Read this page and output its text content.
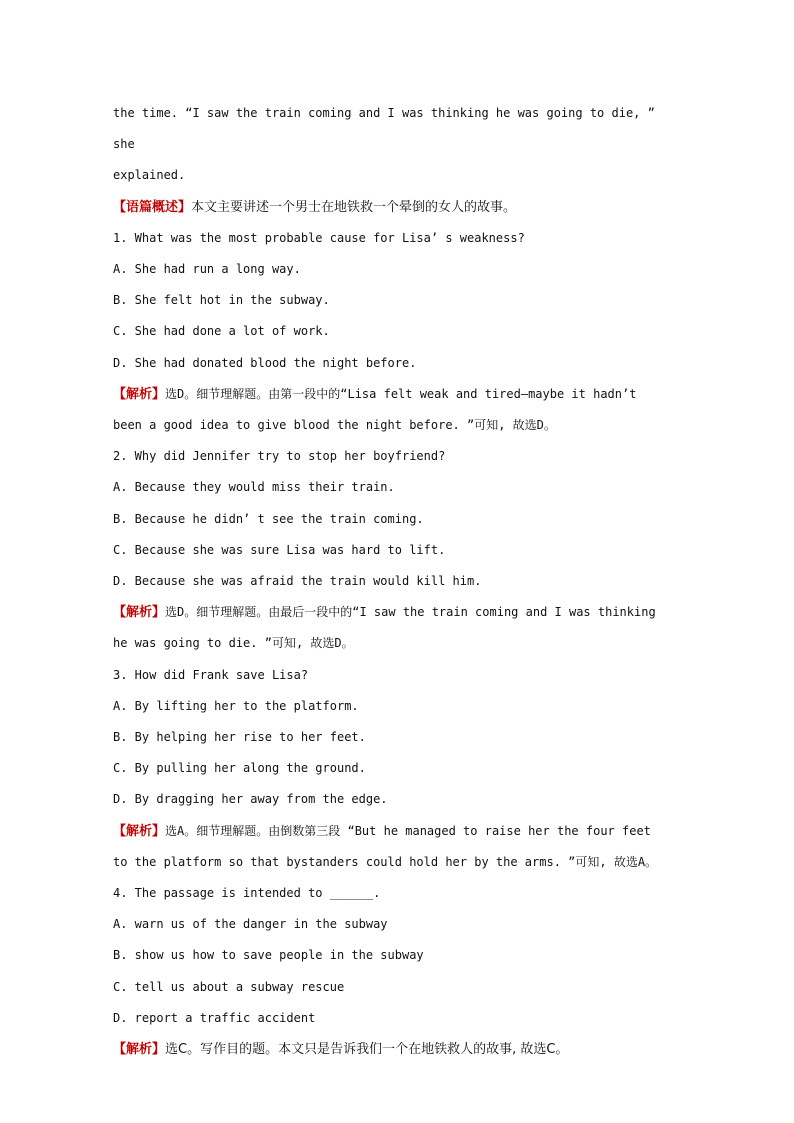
the time. “I saw the train coming and I was thinking he was going to die, ” she
explained.
【语篇概述】本文主要讲述一个男士在地铁救一个晕倒的女人的故事。
1. What was the most probable cause for Lisa’ s weakness?
A. She had run a long way.
B. She felt hot in the subway.
C. She had done a lot of work.
D. She had donated blood the night before.
【解析】选D。细节理解题。由第一段中的“Lisa felt weak and tired—maybe it hadn’t
been a good idea to give blood the night before. ”可知, 故选D。
2. Why did Jennifer try to stop her boyfriend?
A. Because they would miss their train.
B. Because he didn’ t see the train coming.
C. Because she was sure Lisa was hard to lift.
D. Because she was afraid the train would kill him.
【解析】选D。细节理解题。由最后一段中的“I saw the train coming and I was thinking
he was going to die. ”可知, 故选D。
3. How did Frank save Lisa?
A. By lifting her to the platform.
B. By helping her rise to her feet.
C. By pulling her along the ground.
D. By dragging her away from the edge.
【解析】选A。细节理解题。由倒数第三段 “But he managed to raise her the four feet
to the platform so that bystanders could hold her by the arms. ”可知, 故选A。
4. The passage is intended to ______.
A. warn us of the danger in the subway
B. show us how to save people in the subway
C. tell us about a subway rescue
D. report a traffic accident
【解析】选C。写作目的题。本文只是告诉我们一个在地铁救人的故事, 故选C。
